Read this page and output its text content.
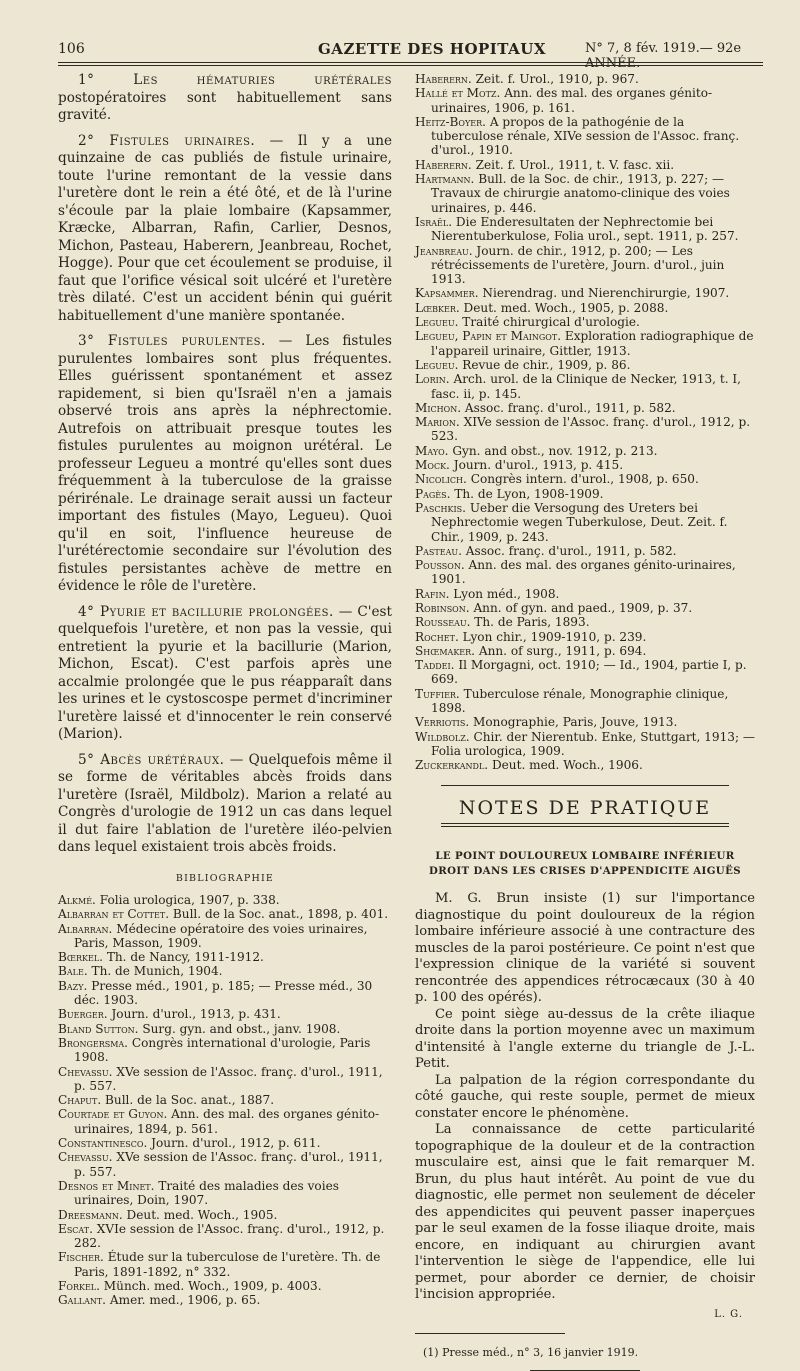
106	GAZETTE DES HOPITAUX	N° 7, 8 fév. 1919.— 92e ANNÉE.

1° Les hématuries urétérales postopératoires sont habituellement sans gravité.

2° Fistules urinaires. — Il y a une quinzaine de cas publiés de fistule urinaire, toute l'urine remontant de la vessie dans l'uretère dont le rein a été ôté, et de là l'urine s'écoule par la plaie lombaire (Kapsammer, Kræcke, Albarran, Rafin, Carlier, Desnos, Michon, Pasteau, Haberern, Jeanbreau, Rochet, Hogge). Pour que cet écoulement se produise, il faut que l'orifice vésical soit ulcéré et l'uretère très dilaté. C'est un accident bénin qui guérit habituellement d'une manière spontanée.

3° Fistules purulentes. — Les fistules purulentes lombaires sont plus fréquentes. Elles guérissent spontanément et assez rapidement, si bien qu'Israël n'en a jamais observé trois ans après la néphrectomie. Autrefois on attribuait presque toutes les fistules purulentes au moignon urétéral. Le professeur Legueu a montré qu'elles sont dues fréquemment à la tuberculose de la graisse périrénale. Le drainage serait aussi un facteur important des fistules (Mayo, Legueu). Quoi qu'il en soit, l'influence heureuse de l'urétérectomie secondaire sur l'évolution des fistules persistantes achève de mettre en évidence le rôle de l'uretère.

4° Pyurie et bacillurie prolongées. — C'est quelquefois l'uretère, et non pas la vessie, qui entretient la pyurie et la bacillurie (Marion, Michon, Escat). C'est parfois après une accalmie prolongée que le pus réapparaît dans les urines et le cystoscospe permet d'incriminer l'uretère laissé et d'innocenter le rein conservé (Marion).

5° Abcès urétéraux. — Quelquefois même il se forme de véritables abcès froids dans l'uretère (Israël, Mildbolz). Marion a relaté au Congrès d'urologie de 1912 un cas dans lequel il dut faire l'ablation de l'uretère iléo-pelvien dans lequel existaient trois abcès froids.

BIBLIOGRAPHIE
Alkmé. Folia urologica, 1907, p. 338.
Albarran et Cottet. Bull. de la Soc. anat., 1898, p. 401.
Albarran. Médecine opératoire des voies urinaires, Paris, Masson, 1909.
Bœrkel. Th. de Nancy, 1911-1912.
Bale. Th. de Munich, 1904.
Bazy. Presse méd., 1901, p. 185; — Presse méd., 30 déc. 1903.
Buerger. Journ. d'urol., 1913, p. 431.
Bland Sutton. Surg. gyn. and obst., janv. 1908.
Brongersma. Congrès international d'urologie, Paris 1908.
Chevassu. XVe session de l'Assoc. franç. d'urol., 1911, p. 557.
Chaput. Bull. de la Soc. anat., 1887.
Courtade et Guyon. Ann. des mal. des organes génito-urinaires, 1894, p. 561.
Constantinesco. Journ. d'urol., 1912, p. 611.
Chevassu. XVe session de l'Assoc. franç. d'urol., 1911, p. 557.
Desnos et Minet. Traité des maladies des voies urinaires, Doin, 1907.
Dreesmann. Deut. med. Woch., 1905.
Escat. XVIe session de l'Assoc. franç. d'urol., 1912, p. 282.
Fischer. Étude sur la tuberculose de l'uretère. Th. de Paris, 1891-1892, n° 332.
Forkel. Münch. med. Woch., 1909, p. 4003.
Gallant. Amer. med., 1906, p. 65.
Haberern. Zeit. f. Urol., 1910, p. 967.
Hallé et Motz. Ann. des mal. des organes génito-urinaires, 1906, p. 161.
Heitz-Boyer. A propos de la pathogénie de la tuberculose rénale, XIVe session de l'Assoc. franç. d'urol., 1910.
Haberern. Zeit. f. Urol., 1911, t. V. fasc. xii.
Hartmann. Bull. de la Soc. de chir., 1913, p. 227; — Travaux de chirurgie anatomo-clinique des voies urinaires, p. 446.
Israël. Die Enderesultaten der Nephrectomie bei Nierentuberkulose, Folia urol., sept. 1911, p. 257.
Jeanbreau. Journ. de chir., 1912, p. 200; — Les rétrécissements de l'uretère, Journ. d'urol., juin 1913.
Kapsammer. Nierendrag. und Nierenchirurgie, 1907.
Lœbker. Deut. med. Woch., 1905, p. 2088.
Legueu. Traité chirurgical d'urologie.
Legueu, Papin et Maingot. Exploration radiographique de l'appareil urinaire, Gittler, 1913.
Legueu. Revue de chir., 1909, p. 86.
Lorin. Arch. urol. de la Clinique de Necker, 1913, t. I, fasc. ii, p. 145.
Michon. Assoc. franç. d'urol., 1911, p. 582.
Marion. XIVe session de l'Assoc. franç. d'urol., 1912, p. 523.
Mayo. Gyn. and obst., nov. 1912, p. 213.
Mock. Journ. d'urol., 1913, p. 415.
Nicolich. Congrès intern. d'urol., 1908, p. 650.
Pagès. Th. de Lyon, 1908-1909.
Paschkis. Ueber die Versogung des Ureters bei Nephrectomie wegen Tuberkulose, Deut. Zeit. f. Chir., 1909, p. 243.
Pasteau. Assoc. franç. d'urol., 1911, p. 582.
Pousson. Ann. des mal. des organes génito-urinaires, 1901.
Rafin. Lyon méd., 1908.
Robinson. Ann. of gyn. and paed., 1909, p. 37.
Rousseau. Th. de Paris, 1893.
Rochet. Lyon chir., 1909-1910, p. 239.
Shœmaker. Ann. of surg., 1911, p. 694.
Taddei. Il Morgagni, oct. 1910; — Id., 1904, partie I, p. 669.
Tuffier. Tuberculose rénale, Monographie clinique, 1898.
Verriotis. Monographie, Paris, Jouve, 1913.
Wildbolz. Chir. der Nierentub. Enke, Stuttgart, 1913; — Folia urologica, 1909.
Zuckerkandl. Deut. med. Woch., 1906.
NOTES DE PRATIQUE
LE POINT DOULOUREUX LOMBAIRE INFÉRIEUR DROIT DANS LES CRISES D'APPENDICITE AIGUËS

M. G. Brun insiste (1) sur l'importance diagnostique du point douloureux de la région lombaire inférieure associé à une contracture des muscles de la paroi postérieure. Ce point n'est que l'expression clinique de la variété si souvent rencontrée des appendices rétrocæcaux (30 à 40 p. 100 des opérés).

Ce point siège au-dessus de la crête iliaque droite dans la portion moyenne avec un maximum d'intensité à l'angle externe du triangle de J.-L. Petit.

La palpation de la région correspondante du côté gauche, qui reste souple, permet de mieux constater encore le phénomène.

La connaissance de cette particularité topographique de la douleur et de la contraction musculaire est, ainsi que le fait remarquer M. Brun, du plus haut intérêt. Au point de vue du diagnostic, elle permet non seulement de déceler des appendicites qui peuvent passer inaperçues par le seul examen de la fosse iliaque droite, mais encore, en indiquant au chirurgien avant l'intervention le siège de l'appendice, elle lui permet, pour aborder ce dernier, de choisir l'incision appropriée.

L. G.
(1) Presse méd., n° 3, 16 janvier 1919.
